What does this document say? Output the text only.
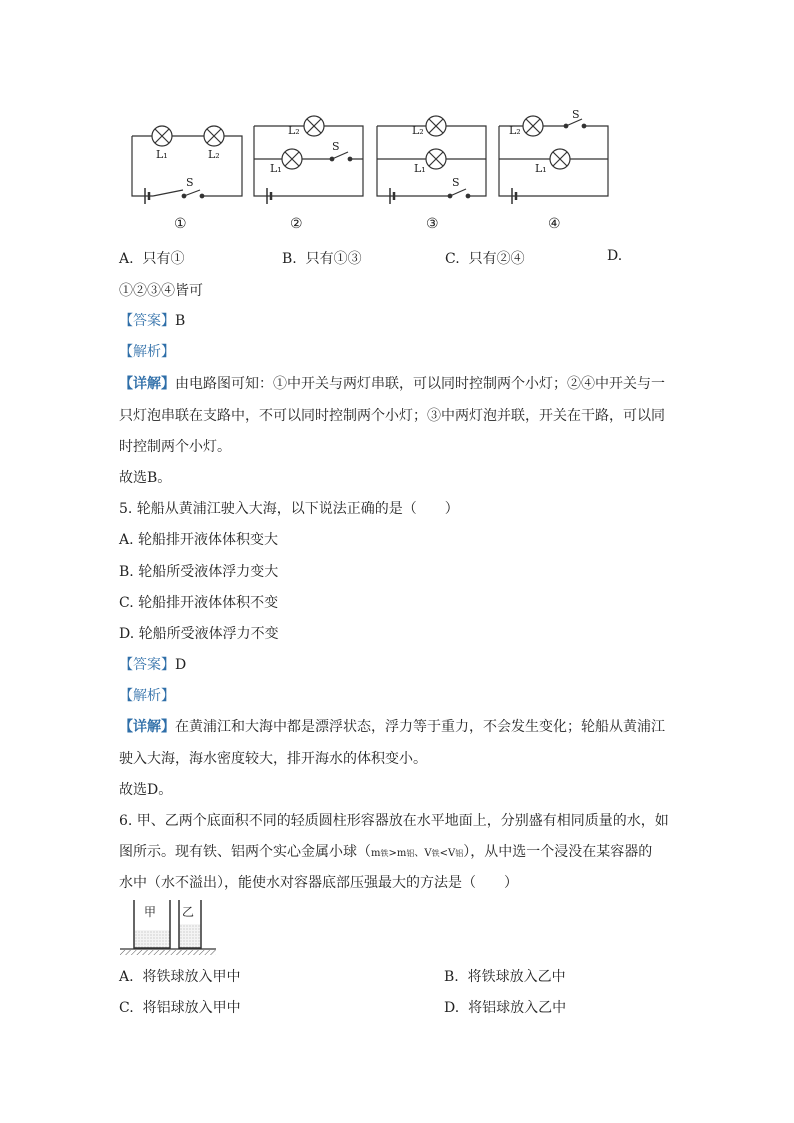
L₁	L₂
S
①
L₂
L₁
S
②
L₂
L₁
S
③
L₂
L₁
S
④
A. 只有①	B. 只有①③	C. 只有②④	D.
①②③④皆可
【答案】B
【解析】
【详解】由电路图可知：①中开关与两灯串联，可以同时控制两个小灯；②④中开关与一
只灯泡串联在支路中，不可以同时控制两个小灯；③中两灯泡并联，开关在干路，可以同
时控制两个小灯。
故选B。
5. 轮船从黄浦江驶入大海，以下说法正确的是（　　）
A. 轮船排开液体体积变大
B. 轮船所受液体浮力变大
C. 轮船排开液体体积不变
D. 轮船所受液体浮力不变
【答案】D
【解析】
【详解】在黄浦江和大海中都是漂浮状态，浮力等于重力，不会发生变化；轮船从黄浦江
驶入大海，海水密度较大，排开海水的体积变小。
故选D。
6. 甲、乙两个底面积不同的轻质圆柱形容器放在水平地面上，分别盛有相同质量的水，如
图所示。现有铁、铝两个实心金属小球（m铁>m铝、V铁<V铝），从中选一个浸没在某容器的
水中（水不溢出），能使水对容器底部压强最大的方法是（　　）
甲 乙
A. 将铁球放入甲中	B. 将铁球放入乙中
C. 将铝球放入甲中	D. 将铝球放入乙中
